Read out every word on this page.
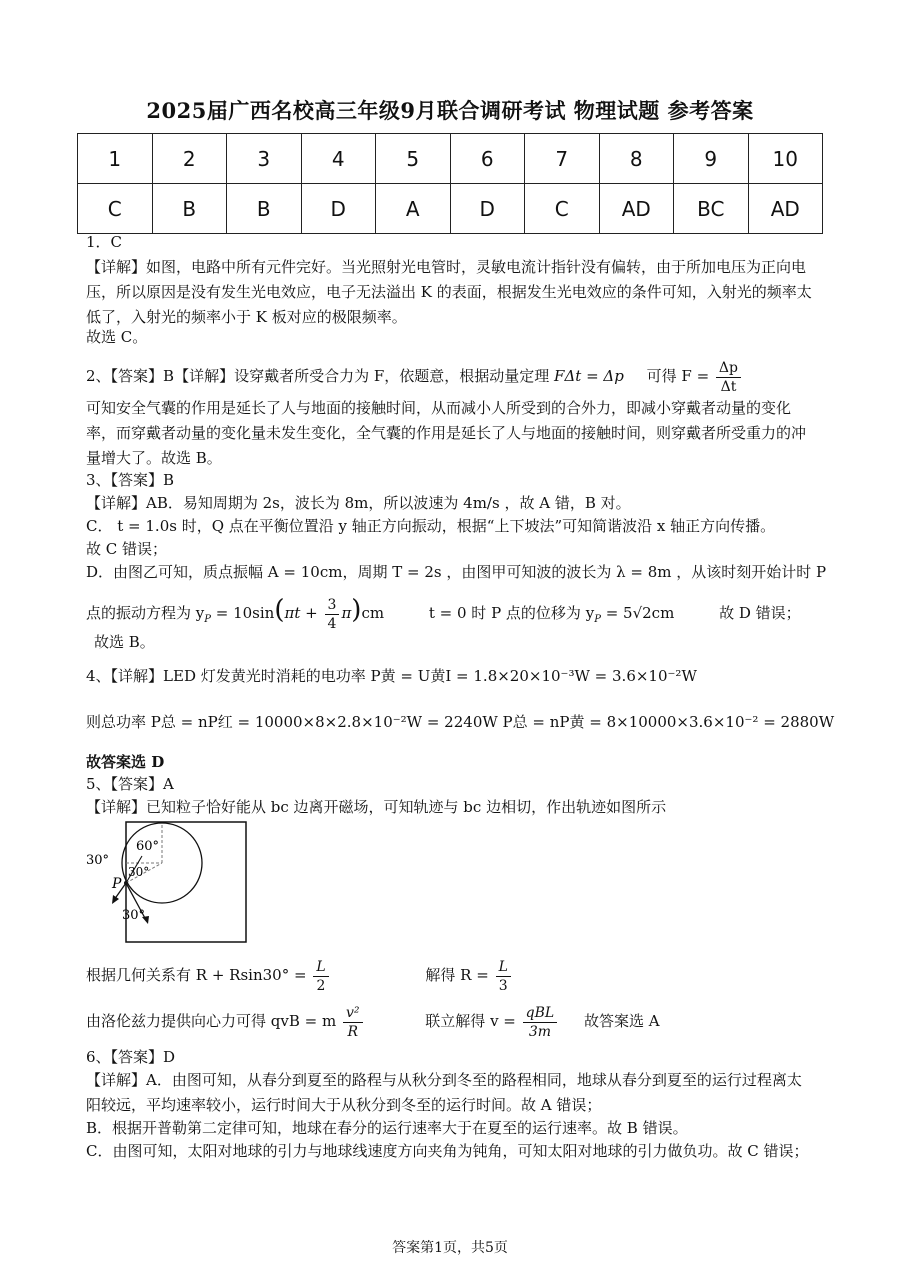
2025届广西名校高三年级9月联合调研考试 物理试题 参考答案
1	2	3	4	5	6	7	8	9	10
C	B	B	D	A	D	C	AD	BC	AD
1．C
【详解】如图，电路中所有元件完好。当光照射光电管时，灵敏电流计指针没有偏转，由于所加电压为正向电压，所以原因是没有发生光电效应，电子无法溢出 K 的表面，根据发生光电效应的条件可知，入射光的频率太低了，入射光的频率小于 K 板对应的极限频率。
故选 C。
2、【答案】B【详解】设穿戴者所受合力为 F，依题意，根据动量定理 FΔt = Δp 可得 $F = \frac{\Delta p}{\Delta t}$
可知安全气囊的作用是延长了人与地面的接触时间，从而减小人所受到的合外力，即减小穿戴者动量的变化率，而穿戴者动量的变化量未发生变化，全气囊的作用是延长了人与地面的接触时间，则穿戴者所受重力的冲量增大了。故选 B。
3、【答案】B
【详解】AB．易知周期为 2s，波长为 8m，所以波速为 4m/s ，故 A 错，B 对。
C． t = 1.0s 时，Q 点在平衡位置沿 y 轴正方向振动，根据“上下坡法”可知简谐波沿 x 轴正方向传播。
故 C 错误；
D．由图乙可知，质点振幅 A = 10cm，周期 T = 2s ，由图甲可知波的波长为 λ = 8m ，从该时刻开始计时 P
点的振动方程为 $y_P = 10\sin(\pi t + \frac{3}{4} \pi)cm$	t = 0 时 P 点的位移为 $y_P = 5√2cm$	故 D 错误；
故选 B。
4、【详解】LED 灯发黄光时消耗的电功率 P黄 = U黄I = 1.8×20×10⁻³W = 3.6×10⁻²W
则总功率 P总 = nP红 = 10000×8×2.8×10⁻²W = 2240W P总 = nP黄 = 8×10000×3.6×10⁻² = 2880W
故答案选 D
5、【答案】A
【详解】已知粒子恰好能从 bc 边离开磁场，可知轨迹与 bc 边相切，作出轨迹如图所示
60°
30°
30°
30°
P
根据几何关系有 $R + Rsin30^\circ = \frac{L}{2}$	解得 $R = \frac{L}{3}$
由洛伦兹力提供向心力可得 qvB = m $\frac{\text{v²}}{R}$	联立解得 $v = \frac{\text{qBL}}{3m}$ 故答案选 A
6、【答案】D
【详解】A．由图可知，从春分到夏至的路程与从秋分到冬至的路程相同，地球从春分到夏至的运行过程离太阳较远，平均速率较小，运行时间大于从秋分到冬至的运行时间。故 A 错误；
B．根据开普勒第二定律可知，地球在春分的运行速率大于在夏至的运行速率。故 B 错误。
C．由图可知，太阳对地球的引力与地球线速度方向夹角为钝角，可知太阳对地球的引力做负功。故 C 错误；
答案第1页，共5页
